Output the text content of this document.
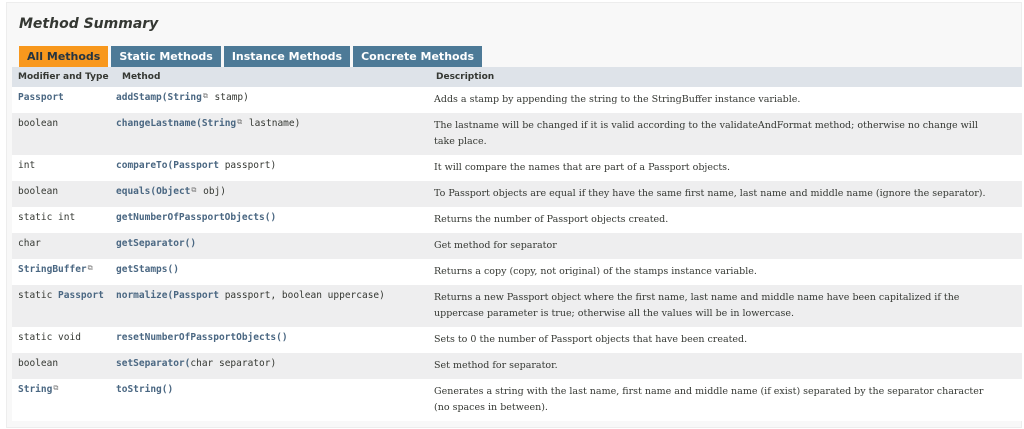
Method Summary
All Methods	Static Methods	Instance Methods	Concrete Methods
Modifier and Type	Method	Description
Passport	addStamp(String⧉ stamp)	Adds a stamp by appending the string to the StringBuffer instance variable.
boolean	changeLastname(String⧉ lastname)	The lastname will be changed if it is valid according to the validateAndFormat method; otherwise no change will take place.
int	compareTo(Passport passport)	It will compare the names that are part of a Passport objects.
boolean	equals(Object⧉ obj)	To Passport objects are equal if they have the same first name, last name and middle name (ignore the separator).
static int	getNumberOfPassportObjects()	Returns the number of Passport objects created.
char	getSeparator()	Get method for separator
StringBuffer⧉	getStamps()	Returns a copy (copy, not original) of the stamps instance variable.
static Passport	normalize(Passport passport, boolean uppercase)	Returns a new Passport object where the first name, last name and middle name have been capitalized if the uppercase parameter is true; otherwise all the values will be in lowercase.
static void	resetNumberOfPassportObjects()	Sets to 0 the number of Passport objects that have been created.
boolean	setSeparator(char separator)	Set method for separator.
String⧉	toString()	Generates a string with the last name, first name and middle name (if exist) separated by the separator character (no spaces in between).
